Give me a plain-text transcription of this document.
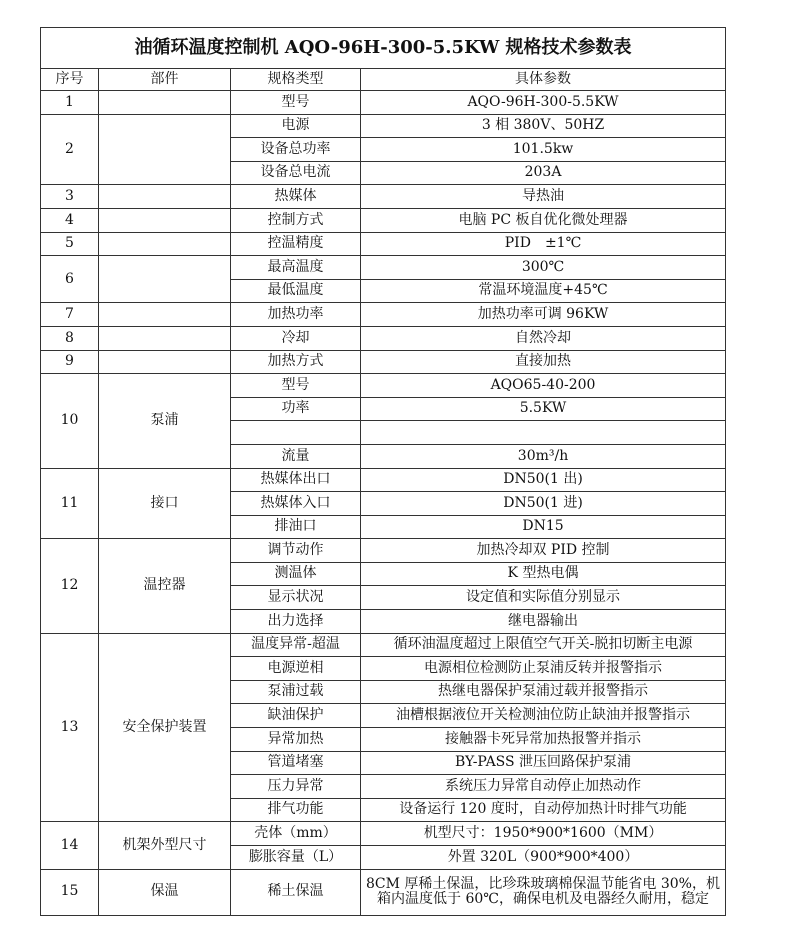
油循环温度控制机 AQO-96H-300-5.5KW 规格技术参数表			
序号	部件	规格类型	具体参数
1		型号	AQO-96H-300-5.5KW
2		电源	3 相 380V、50HZ
		设备总功率	101.5kw
		设备总电流	203A
3		热媒体	导热油
4		控制方式	电脑 PC 板自优化微处理器
5		控温精度	PID　±1℃
6		最高温度	300℃
		最低温度	常温环境温度+45℃
7		加热功率	加热功率可调 96KW
8		冷却	自然冷却
9		加热方式	直接加热
10	泵浦	型号	AQO65-40-200
		功率	5.5KW

		流量	30m³/h
11	接口	热媒体出口	DN50(1 出)
		热媒体入口	DN50(1 进)
		排油口	DN15
12	温控器	调节动作	加热冷却双 PID 控制
		测温体	K 型热电偶
		显示状况	设定值和实际值分别显示
		出力选择	继电器输出
13	安全保护装置	温度异常-超温	循环油温度超过上限值空气开关-脱扣切断主电源
		电源逆相	电源相位检测防止泵浦反转并报警指示
		泵浦过载	热继电器保护泵浦过载并报警指示
		缺油保护	油槽根据液位开关检测油位防止缺油并报警指示
		异常加热	接触器卡死异常加热报警并指示
		管道堵塞	BY-PASS 泄压回路保护泵浦
		压力异常	系统压力异常自动停止加热动作
		排气功能	设备运行 120 度时，自动停加热计时排气功能
14	机架外型尺寸	壳体（mm）	机型尺寸：1950*900*1600（MM）
		膨胀容量（L）	外置 320L（900*900*400）
15	保温	稀土保温	8CM 厚稀土保温，比珍珠玻璃棉保温节能省电 30%，机
箱内温度低于 60℃，确保电机及电器经久耐用，稳定
